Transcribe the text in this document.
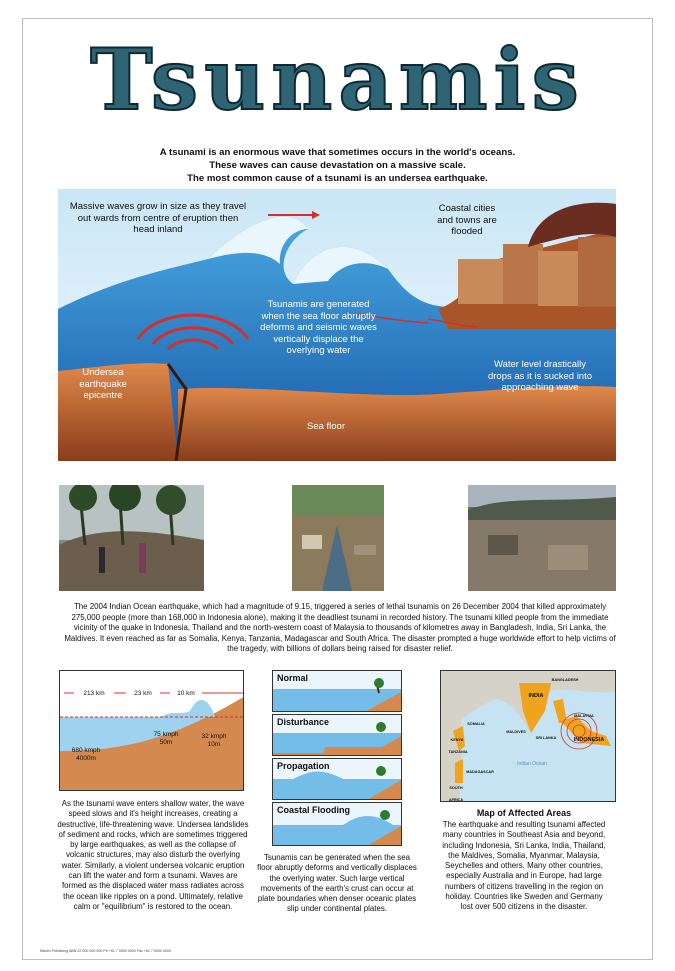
Tsunamis
A tsunami is an enormous wave that sometimes occurs in the world's oceans.
These waves can cause devastation on a massive scale.
The most common cause of a tsunami is an undersea earthquake.
Massive waves grow in size as they travel out wards from centre of eruption then head inland
Coastal cities and towns are flooded
Tsunamis are generated when the sea floor abruptly deforms and seismic waves vertically displace the overlying water
Undersea earthquake epicentre
Water level drastically drops as it is sucked into approaching wave
Sea floor
The 2004 Indian Ocean earthquake, which had a magnitude of 9.15, triggered a series of lethal tsunamis on 26 December 2004 that killed approximately 275,000 people (more than 168,000 in Indonesia alone), making it the deadliest tsunami in recorded history. The tsunami killed people from the immediate vicinity of the quake in Indonesia, Thailand and the north-western coast of Malaysia to thousands of kilometres away in Bangladesh, India, Sri Lanka, the Maldives. It even reached as far as Somalia, Kenya, Tanzania, Madagascar and South Africa. The disaster prompted a huge worldwide effort to help victims of the tragedy, with billions of dollars being raised for disaster relief.
213 km	23 km	10 km
680 kmph
4000m
75 kmph
50m
32 kmph
10m
As the tsunami wave enters shallow water, the wave speed slows and it's height increases, creating a destructive, life-threatening wave. Undersea landslides of sediment and rocks, which are sometimes triggered by large earthquakes, as well as the collapse of volcanic structures, may also disturb the overlying water. Similarly, a violent undersea volcanic eruption can lift the water and form a tsunami. Waves are formed as the displaced water mass radiates across the ocean like ripples on a pond. Ultimately, relative calm or "equilibrium" is restored to the ocean.
Normal
Disturbance
Propagation
Coastal Flooding
Tsunamis can be generated when the sea floor abruptly deforms and vertically displaces the overlying water. Such large vertical movements of the earth's crust can occur at plate boundaries when denser oceanic plates slip under continental plates.
BANGLADESH
INDIA
SRI LANKA
MALDIVES
INDONESIA
SOMALIA
KENYA
TANZANIA
MADAGASCAR
SOUTH AFRICA
MALAYSIA
Indian Ocean
Map of Affected Areas
The earthquake and resulting tsunami affected many countries in Southeast Asia and beyond, including Indonesia, Sri Lanka, India, Thailand, the Maldives, Somalia, Myanmar, Malaysia, Seychelles and others. Many other countries, especially Australia and in Europe, had large numbers of citizens travelling in the region on holiday. Countries like Sweden and Germany lost over 500 citizens in the disaster.
Maxim Publishing ABN 22 000 000 000 Ph +61 7 0000 0000 Fax +61 7 0000 0000
